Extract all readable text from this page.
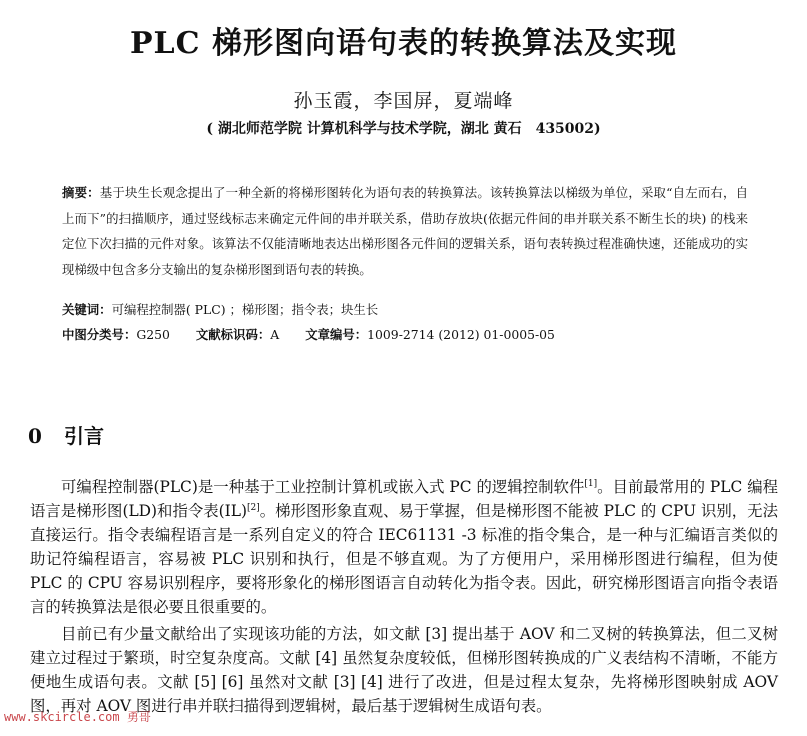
PLC 梯形图向语句表的转换算法及实现
孙玉霞，李国屏，夏端峰
( 湖北师范学院 计算机科学与技术学院，湖北 黄石　435002)
摘要：基于块生长观念提出了一种全新的将梯形图转化为语句表的转换算法。该转换算法以梯级为单位，采取“自左而右，自上而下”的扫描顺序，通过竖线标志来确定元件间的串并联关系，借助存放块(依据元件间的串并联关系不断生长的块) 的栈来定位下次扫描的元件对象。该算法不仅能清晰地表达出梯形图各元件间的逻辑关系，语句表转换过程准确快速，还能成功的实现梯级中包含多分支输出的复杂梯形图到语句表的转换。
关键词：可编程控制器( PLC) ；梯形图；指令表；块生长
中图分类号：G250 文献标识码：A 文章编号：1009-2714 (2012) 01-0005-05
0 引言

可编程控制器(PLC)是一种基于工业控制计算机或嵌入式 PC 的逻辑控制软件[1]。目前最常用的 PLC 编程语言是梯形图(LD)和指令表(IL)[2]。梯形图形象直观、易于掌握，但是梯形图不能被 PLC 的 CPU 识别，无法直接运行。指令表编程语言是一系列自定义的符合 IEC61131 -3 标准的指令集合，是一种与汇编语言类似的助记符编程语言，容易被 PLC 识别和执行，但是不够直观。为了方便用户，采用梯形图进行编程，但为使 PLC 的 CPU 容易识别程序，要将形象化的梯形图语言自动转化为指令表。因此，研究梯形图语言向指令表语言的转换算法是很必要且很重要的。

目前已有少量文献给出了实现该功能的方法，如文献 [3] 提出基于 AOV 和二叉树的转换算法，但二叉树建立过程过于繁琐，时空复杂度高。文献 [4] 虽然复杂度较低，但梯形图转换成的广义表结构不清晰，不能方便地生成语句表。文献 [5] [6] 虽然对文献 [3] [4] 进行了改进，但是过程太复杂，先将梯形图映射成 AOV 图，再对 AOV 图进行串并联扫描得到逻辑树，最后基于逻辑树生成语句表。

www.skcircle.com 勇哥
